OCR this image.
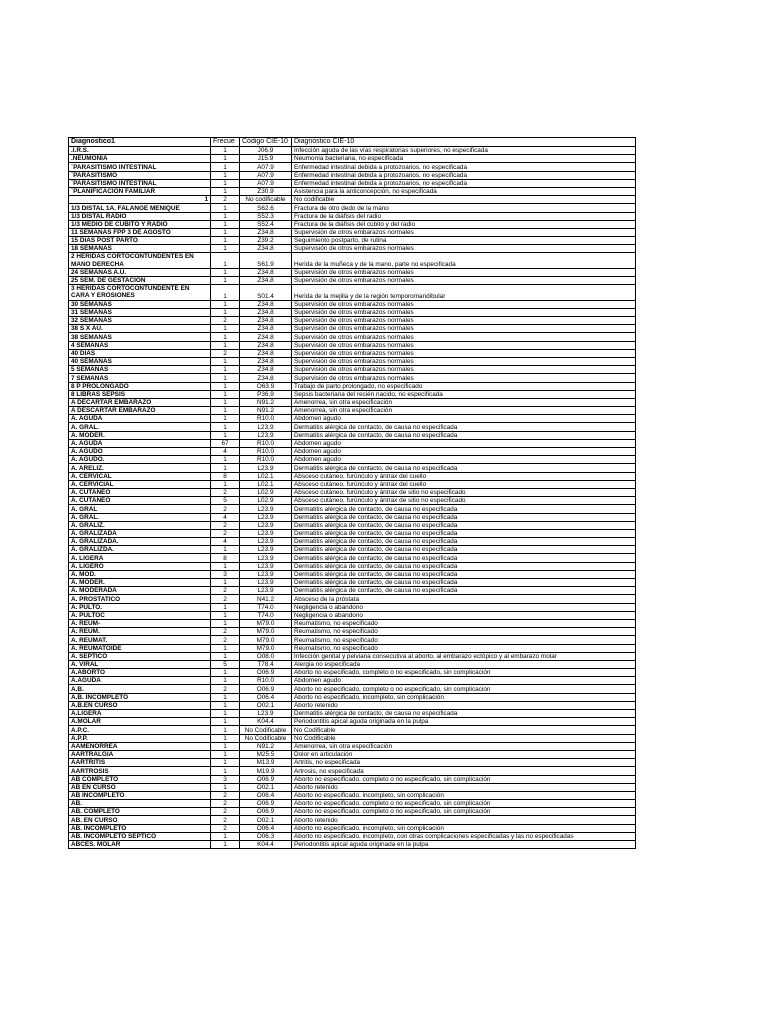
Diagnostico1	Frecue	Código CIE-10	Diagnóstico CIE-10
.I.R.S.	1	J06.9	Infección aguda de las vías respiratorias superiores, no especificada
.NEUMONIA	1	J15.9	Neumonía bacteriana, no especificada
´PARASITISMO INTESTINAL	1	A07.9	Enfermedad intestinal debida a protozoarios, no especificada
´PARASITISMO	1	A07.9	Enfermedad intestinal debida a protozoarios, no especificada
´PARASITISMO INTESTINAL	1	A07.9	Enfermedad intestinal debida a protozoarios, no especificada
´PLANIFICACION FAMILIAR	1	Z30.9	Asistencia para la anticoncepción, no especificada
1	2	No codificable	No codificable
1/3 DISTAL 1A. FALANGE MENIQUE	1	S62.6	Fractura de otro dedo de la mano
1/3 DISTAL RADIO	1	S52.3	Fractura de la diáfisis del radio
1/3 MEDIO DE CUBITO Y RADIO	1	S52.4	Fractura de la diáfisis del cúbito y del radio
11 SEMANAS FPP 3 DE AGOSTO	1	Z34.8	Supervisión de otros embarazos normales
15 DIAS POST PARTO	1	Z39.2	Seguimiento postparto, de rutina
18 SEMANAS	1	Z34.8	Supervisión de otros embarazos normales
2 HERIDAS CORTOCONTUNDENTES EN MANO DERECHA	1	S61.9	Herida de la muñeca y de la mano, parte no especificada
24 SEMANAS A.U.	1	Z34.8	Supervisión de otros embarazos normales
25 SEM. DE GESTACION	1	Z34.8	Supervisión de otros embarazos normales
3 HERIDAS CORTOCONTUNDENTE EN CARA Y EROSIONES	1	S01.4	Herida de la mejilla y de la región temporomandibular
30 SEMANAS	1	Z34.8	Supervisión de otros embarazos normales
31 SEMANAS	1	Z34.8	Supervisión de otros embarazos normales
32 SEMANAS	2	Z34.8	Supervisión de otros embarazos normales
38 S X AU.	1	Z34.8	Supervisión de otros embarazos normales
38 SEMANAS	1	Z34.8	Supervisión de otros embarazos normales
4 SEMANAS	1	Z34.8	Supervisión de otros embarazos normales
40 DIAS	2	Z34.8	Supervisión de otros embarazos normales
40 SEMANAS	1	Z34.8	Supervisión de otros embarazos normales
5 SEMANAS	1	Z34.8	Supervisión de otros embarazos normales
7 SEMANAS	1	Z34.8	Supervisión de otros embarazos normales
8 P PROLONGADO	1	O63.9	Trabajo de parto prolongado, no especificado
8 LIBRAS SEPSIS	1	P36.9	Sepsis bacteriana del recién nacido, no especificada
A DECARTAR EMBARAZO	1	N91.2	Amenorrea, sin otra especificación
A DESCARTAR EMBARAZO	1	N91.2	Amenorrea, sin otra especificación
A. AGUDA	1	R10.0	Abdomen agudo
A. GRAL.	1	L23.9	Dermatitis alérgica de contacto, de causa no especificada
A. MODER.	1	L23.9	Dermatitis alérgica de contacto, de causa no especificada
A. AGUDA	67	R10.0	Abdomen agudo
A. AGUDO	4	R10.0	Abdomen agudo
A. AGUDO.	1	R10.0	Abdomen agudo
A. ARELIZ.	1	L23.9	Dermatitis alérgica de contacto, de causa no especificada
A. CERVICAL	8	L02.1	Absceso cutáneo, furúnculo y ántrax del cuello
A. CERVICIAL	1	L02.1	Absceso cutáneo, furúnculo y ántrax del cuello
A. CUTANEO	2	L02.9	Absceso cutáneo, furúnculo y ántrax de sitio no especificado
A. CUTANEO	5	L02.9	Absceso cutáneo, furúnculo y ántrax de sitio no especificado
A. GRAL	2	L23.9	Dermatitis alérgica de contacto, de causa no especificada
A. GRAL.	4	L23.9	Dermatitis alérgica de contacto, de causa no especificada
A. GRALIZ.	2	L23.9	Dermatitis alérgica de contacto, de causa no especificada
A. GRALIZADA	2	L23.9	Dermatitis alérgica de contacto, de causa no especificada
A. GRALIZADA.	4	L23.9	Dermatitis alérgica de contacto, de causa no especificada
A. GRALIZDA.	1	L23.9	Dermatitis alérgica de contacto, de causa no especificada
A. LIGERA	8	L23.9	Dermatitis alérgica de contacto, de causa no especificada
A. LIGERO	1	L23.9	Dermatitis alérgica de contacto, de causa no especificada
A. MOD.	3	L23.9	Dermatitis alérgica de contacto, de causa no especificada
A. MODER.	1	L23.9	Dermatitis alérgica de contacto, de causa no especificada
A. MODERADA	2	L23.9	Dermatitis alérgica de contacto, de causa no especificada
A. PROSTATICO	2	N41.2	Absceso de la próstata
A. PULTO.	1	T74.0	Negligencia o abandono
A. PULTOC	1	T74.0	Negligencia o abandono
A. REUM-	1	M79.0	Reumatismo, no especificado
A. REUM.	2	M79.0	Reumatismo, no especificado
A. REUMAT.	2	M79.0	Reumatismo, no especificado
A. REUMATOIDE	1	M79.0	Reumatismo, no especificado
A. SEPTICO	1	O08.0	Infección genital y pelviana consecutiva al aborto, al embarazo ectópico y al embarazo molar
A. VIRAL	5	T78.4	Alergia no especificada
A.ABORTO	1	O06.9	Aborto no especificado, completo o no especificado, sin complicación
A.AGUDA	1	R10.0	Abdomen agudo
A.B.	2	O06.9	Aborto no especificado, completo o no especificado, sin complicación
A.B. INCOMPLETO	1	O06.4	Aborto no especificado, incompleto, sin complicación
A.B.EN CURSO	1	O02.1	Aborto retenido
A.LIGERA	1	L23.9	Dermatitis alérgica de contacto, de causa no especificada
A.MOLAR	1	K04.4	Periodontitis apical aguda originada en la pulpa
A.P.C.	1	No Codificable	No Codificable
A.P.P.	1	No Codificable	No Codificable
AAMENORREA	1	N91.2	Amenorrea, sin otra especificación
AARTRALGIA	1	M25.5	Dolor en articulación
AARTRITIS	1	M13.9	Artritis, no especificada
AARTROSIS	1	M19.9	Artrosis, no especificada
AB COMPLETO	3	O06.9	Aborto no especificado, completo o no especificado, sin complicación
AB EN CURSO	1	O02.1	Aborto retenido
AB INCOMPLETO	2	O06.4	Aborto no especificado, incompleto, sin complicación
AB.	2	O06.9	Aborto no especificado, completo o no especificado, sin complicación
AB. COMPLETO	2	O06.9	Aborto no especificado, completo o no especificado, sin complicación
AB. EN CURSO	2	O02.1	Aborto retenido
AB. INCOMPLETO	2	O06.4	Aborto no especificado, incompleto, sin complicación
AB. INCOMPLETO SEPTICO	1	O06.3	Aborto no especificado, incompleto, con otras complicaciones especificadas y las no especificadas
ABCES. MOLAR	1	K04.4	Periodontitis apical aguda originada en la pulpa
